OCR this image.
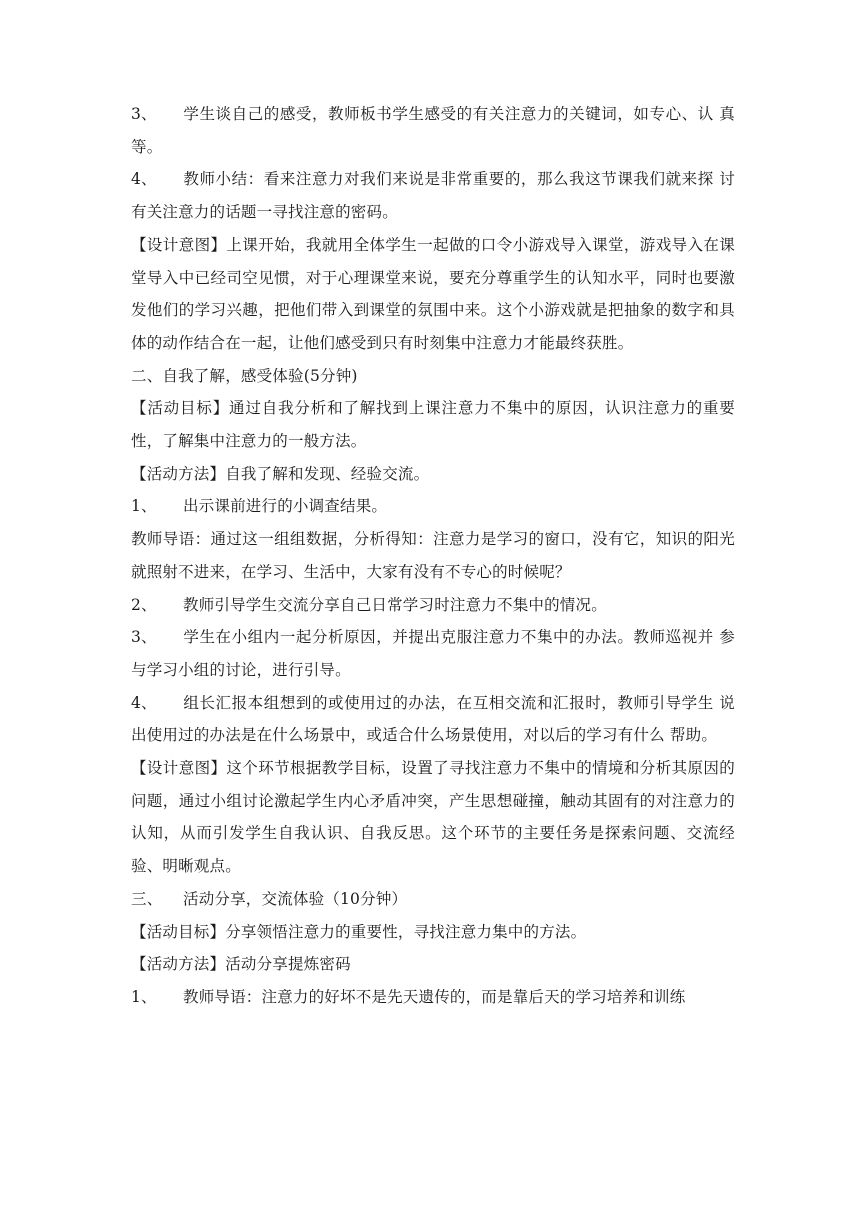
3、 学生谈自己的感受，教师板书学生感受的有关注意力的关键词，如专心、认 真等。

4、 教师小结：看来注意力对我们来说是非常重要的，那么我这节课我们就来探 讨有关注意力的话题一寻找注意的密码。

【设计意图】上课开始，我就用全体学生一起做的口令小游戏导入课堂，游戏导入在课堂导入中已经司空见惯，对于心理课堂来说，要充分尊重学生的认知水平，同时也要激发他们的学习兴趣，把他们带入到课堂的氛围中来。这个小游戏就是把抽象的数字和具体的动作结合在一起，让他们感受到只有时刻集中注意力才能最终获胜。

二、自我了解，感受体验(5分钟)

【活动目标】通过自我分析和了解找到上课注意力不集中的原因，认识注意力的重要性，了解集中注意力的一般方法。

【活动方法】自我了解和发现、经验交流。

1、 出示课前进行的小调查结果。

教师导语：通过这一组组数据，分析得知：注意力是学习的窗口，没有它，知识的阳光就照射不进来，在学习、生活中，大家有没有不专心的时候呢？

2、 教师引导学生交流分享自己日常学习时注意力不集中的情况。

3、 学生在小组内一起分析原因，并提出克服注意力不集中的办法。教师巡视并 参与学习小组的讨论，进行引导。

4、 组长汇报本组想到的或使用过的办法，在互相交流和汇报时，教师引导学生 说出使用过的办法是在什么场景中，或适合什么场景使用，对以后的学习有什么 帮助。

【设计意图】这个环节根据教学目标，设置了寻找注意力不集中的情境和分析其原因的问题，通过小组讨论激起学生内心矛盾冲突，产生思想碰撞，触动其固有的对注意力的认知，从而引发学生自我认识、自我反思。这个环节的主要任务是探索问题、交流经验、明晰观点。

三、 活动分享，交流体验（10分钟）

【活动目标】分享领悟注意力的重要性，寻找注意力集中的方法。

【活动方法】活动分享提炼密码

1、 教师导语：注意力的好坏不是先天遗传的，而是靠后天的学习培养和训练
